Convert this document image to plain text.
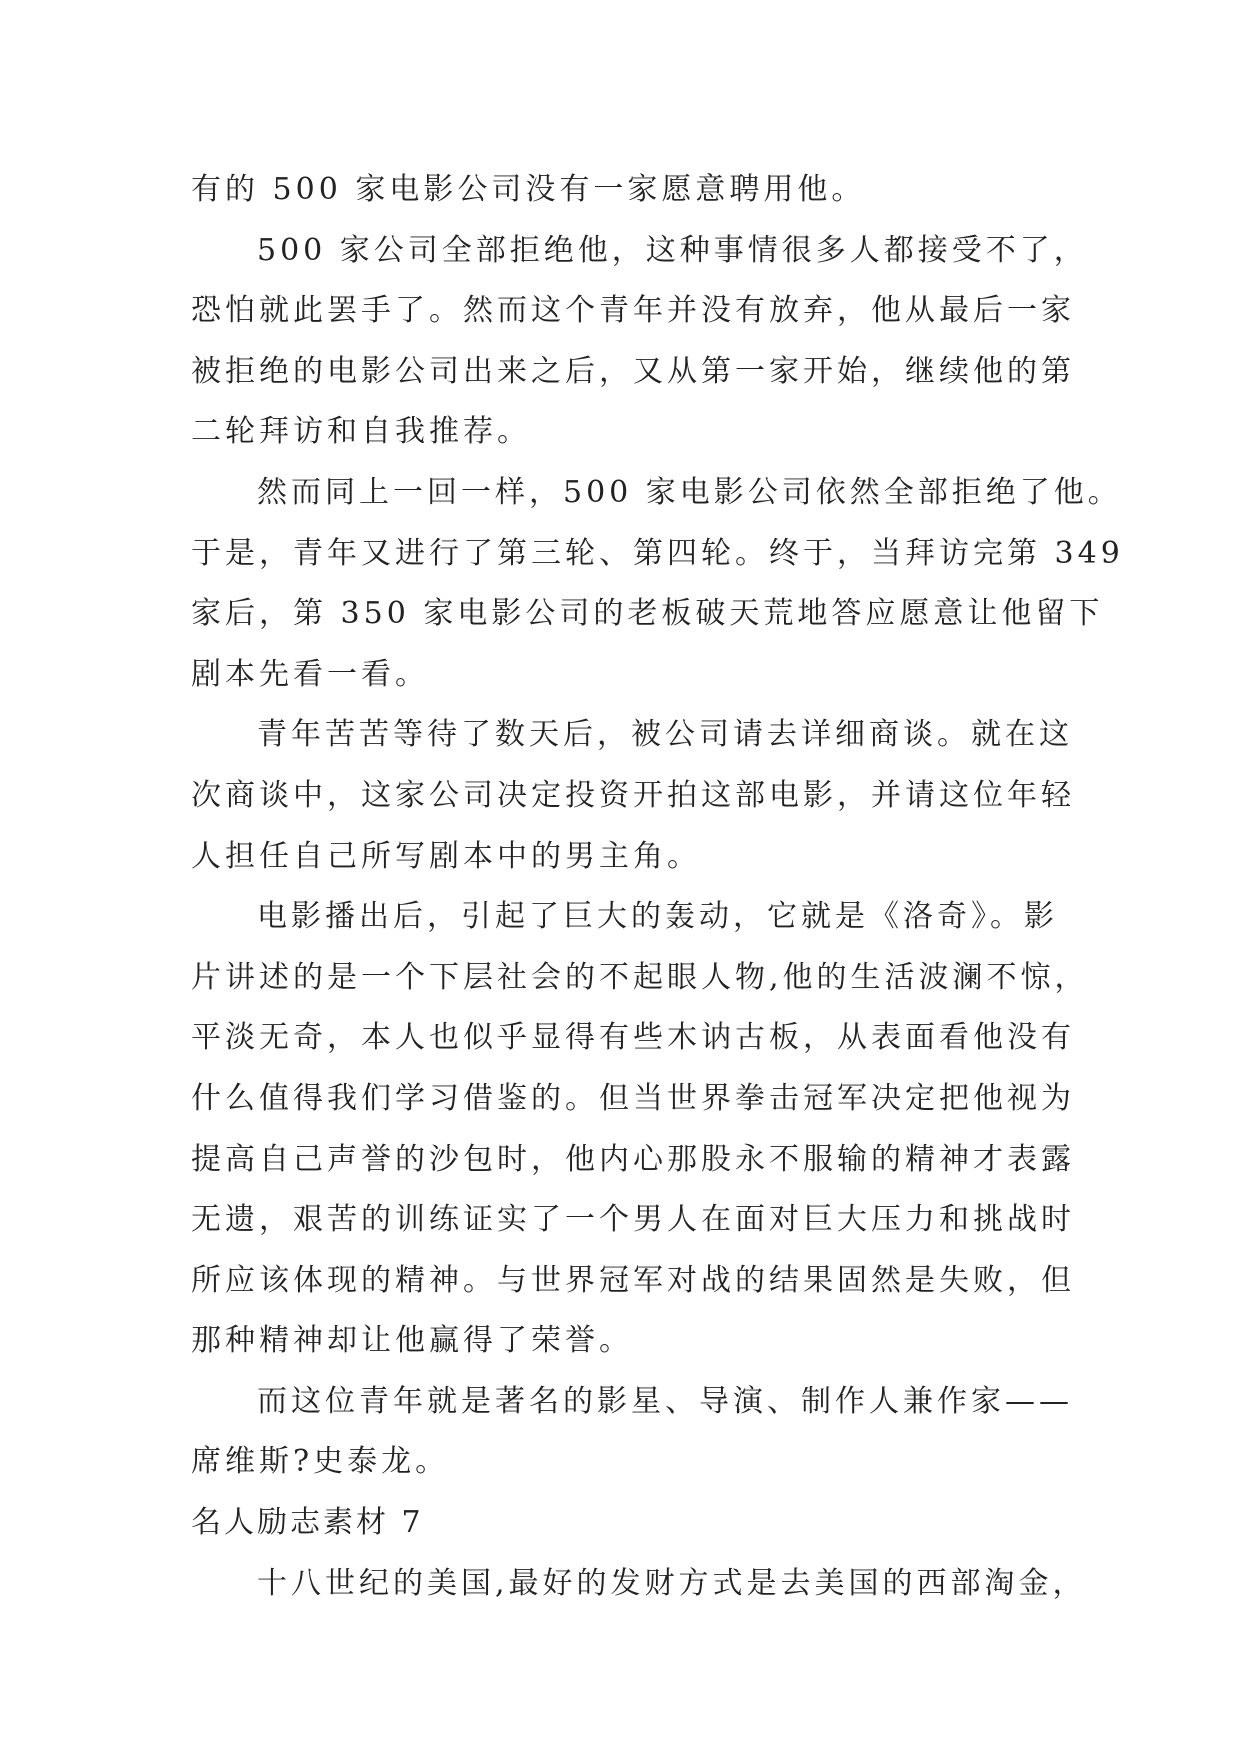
有的 500 家电影公司没有一家愿意聘用他。
500 家公司全部拒绝他，这种事情很多人都接受不了，
恐怕就此罢手了。然而这个青年并没有放弃，他从最后一家
被拒绝的电影公司出来之后，又从第一家开始，继续他的第
二轮拜访和自我推荐。
然而同上一回一样，500 家电影公司依然全部拒绝了他。
于是，青年又进行了第三轮、第四轮。终于，当拜访完第 349
家后，第 350 家电影公司的老板破天荒地答应愿意让他留下
剧本先看一看。
青年苦苦等待了数天后，被公司请去详细商谈。就在这
次商谈中，这家公司决定投资开拍这部电影，并请这位年轻
人担任自己所写剧本中的男主角。
电影播出后，引起了巨大的轰动，它就是《洛奇》。影
片讲述的是一个下层社会的不起眼人物,他的生活波澜不惊，
平淡无奇，本人也似乎显得有些木讷古板，从表面看他没有
什么值得我们学习借鉴的。但当世界拳击冠军决定把他视为
提高自己声誉的沙包时，他内心那股永不服输的精神才表露
无遗，艰苦的训练证实了一个男人在面对巨大压力和挑战时
所应该体现的精神。与世界冠军对战的结果固然是失败，但
那种精神却让他赢得了荣誉。
而这位青年就是著名的影星、导演、制作人兼作家——
席维斯?史泰龙。
名人励志素材 7
十八世纪的美国,最好的发财方式是去美国的西部淘金，
